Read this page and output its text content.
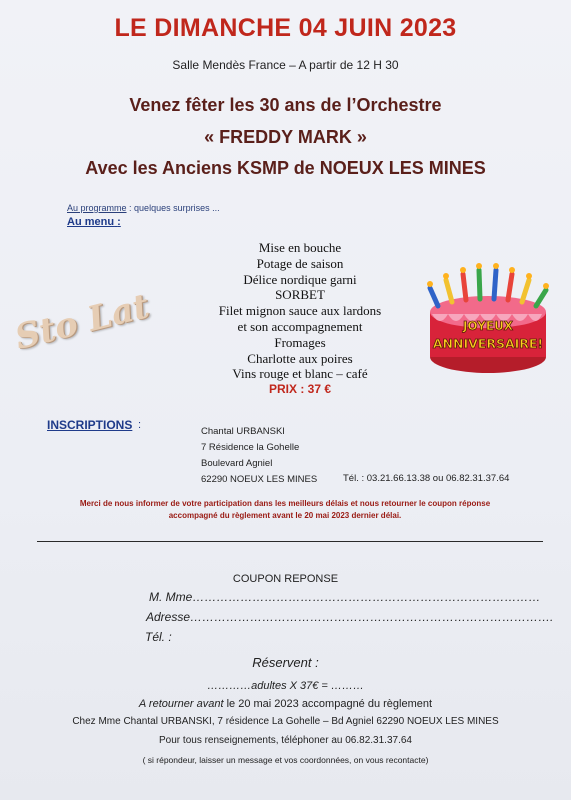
LE DIMANCHE 04 JUIN 2023
Salle Mendès France – A partir de 12 H 30
Venez fêter les 30 ans de l’Orchestre
« FREDDY MARK »
Avec les Anciens KSMP de NOEUX LES MINES
Au programme : quelques surprises ...
Au menu :
Mise en bouche
Potage de saison
Délice nordique garni
SORBET
Filet mignon sauce aux lardons
et son accompagnement
Fromages
Charlotte aux poires
Vins rouge et blanc – café
PRIX : 37 €
Sto Lat	JOYEUX
ANNIVERSAIRE!
INSCRIPTIONS :
Chantal URBANSKI
7 Résidence la Gohelle
Boulevard Agniel
62290 NOEUX LES MINES	Tél. : 03.21.66.13.38 ou 06.82.31.37.64
Merci de nous informer de votre participation dans les meilleurs délais et nous retourner le coupon réponse
accompagné du règlement avant le 20 mai 2023 dernier délai.
COUPON REPONSE
M. Mme……………………………………………………………………………
Adresse……………………………………………………………………………….
Tél. :
Réservent :
…………adultes X 37€ = ………
A retourner avant le 20 mai 2023 accompagné du règlement
Chez Mme Chantal URBANSKI, 7 résidence La Gohelle – Bd Agniel 62290 NOEUX LES MINES
Pour tous renseignements, téléphoner au 06.82.31.37.64
( si répondeur, laisser un message et vos coordonnées, on vous recontacte)
